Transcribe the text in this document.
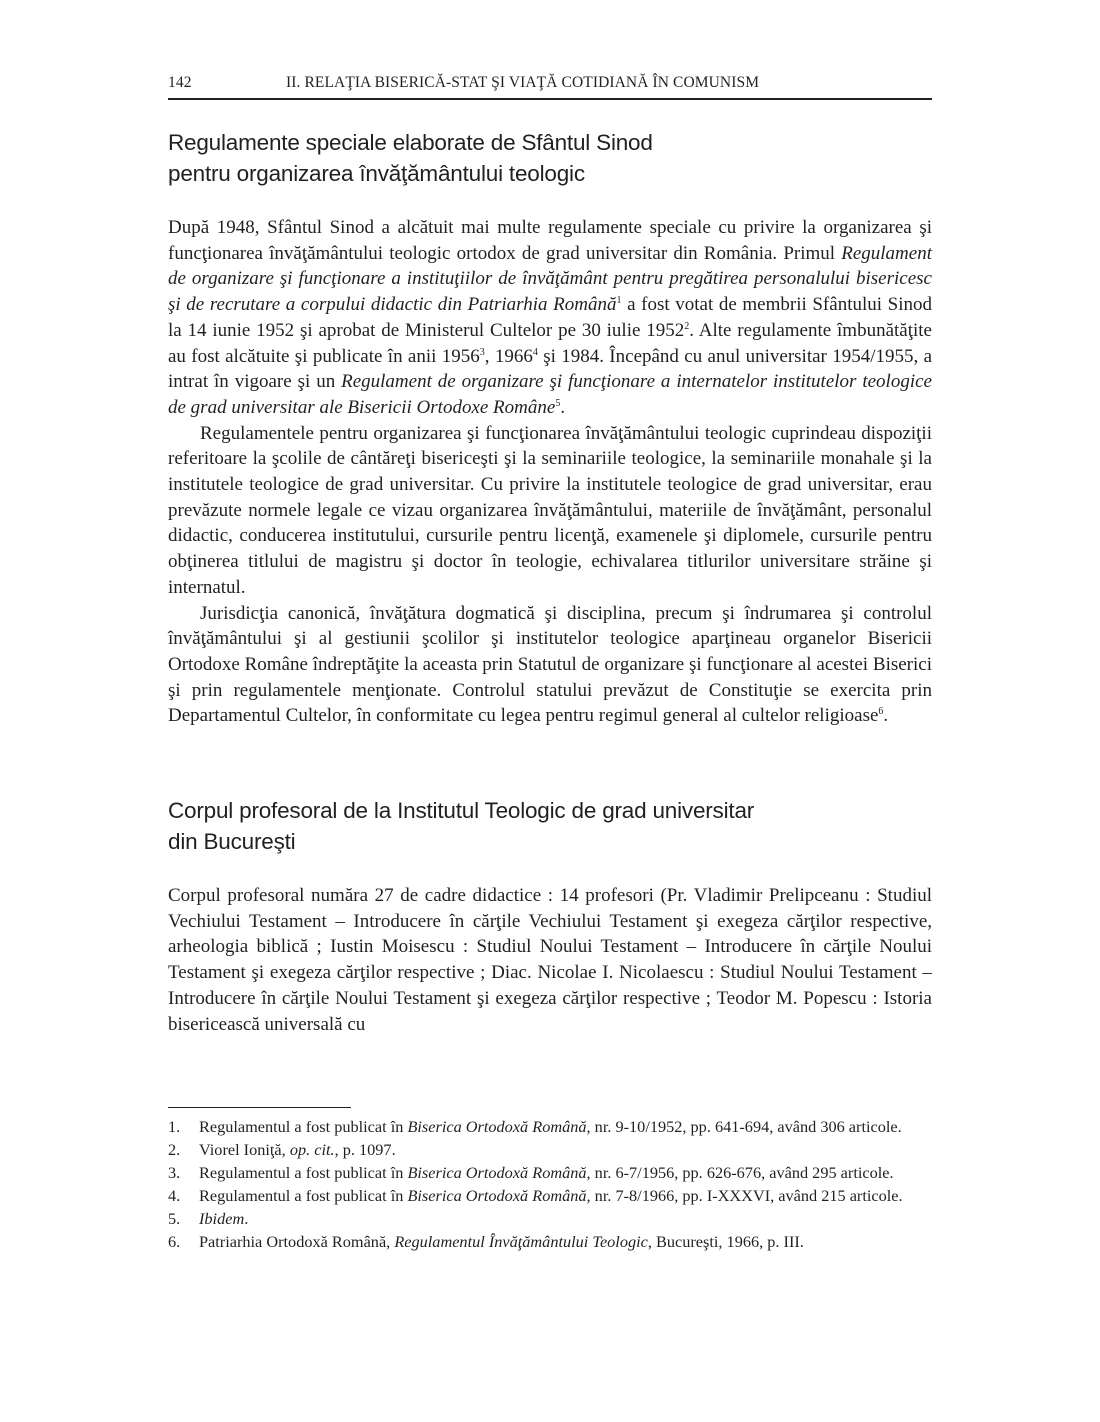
142	II. RELAŢIA BISERICĂ-STAT ŞI VIAŢĂ COTIDIANĂ ÎN COMUNISM
Regulamente speciale elaborate de Sfântul Sinod
pentru organizarea învăţământului teologic

După 1948, Sfântul Sinod a alcătuit mai multe regulamente speciale cu privire la organizarea şi funcţionarea învăţământului teologic ortodox de grad universitar din România. Primul Regulament de organizare şi funcţionare a instituţiilor de învăţământ pentru pregătirea personalului bisericesc şi de recrutare a corpului didactic din Patriarhia Română$^1$ a fost votat de membrii Sfântului Sinod la 14 iunie 1952 şi aprobat de Ministerul Cultelor pe 30 iulie 1952$^2$. Alte regulamente îmbunătăţite au fost alcătuite şi publicate în anii 1956$^3$, 1966$^4$ şi 1984. Începând cu anul universitar 1954/1955, a intrat în vigoare şi un Regulament de organizare şi funcţionare a internatelor institutelor teologice de grad universitar ale Bisericii Ortodoxe Române$^5$.

Regulamentele pentru organizarea şi funcţionarea învăţământului teologic cuprindeau dispoziţii referitoare la şcolile de cântăreţi bisericeşti şi la seminariile teologice, la seminariile monahale şi la institutele teologice de grad universitar. Cu privire la institutele teologice de grad universitar, erau prevăzute normele legale ce vizau organizarea învăţământului, materiile de învăţământ, personalul didactic, conducerea institutului, cursurile pentru licenţă, examenele şi diplomele, cursurile pentru obţinerea titlului de magistru şi doctor în teologie, echivalarea titlurilor universitare străine şi internatul.

Jurisdicţia canonică, învăţătura dogmatică şi disciplina, precum şi îndrumarea şi controlul învăţământului şi al gestiunii şcolilor şi institutelor teologice aparţineau organelor Bisericii Ortodoxe Române îndreptăţite la aceasta prin Statutul de organizare şi funcţionare al acestei Biserici şi prin regulamentele menţionate. Controlul statului prevăzut de Constituţie se exercita prin Departamentul Cultelor, în conformitate cu legea pentru regimul general al cultelor religioase$^6$.

Corpul profesoral de la Institutul Teologic de grad universitar
din Bucureşti

Corpul profesoral număra 27 de cadre didactice : 14 profesori (Pr. Vladimir Prelipceanu : Studiul Vechiului Testament – Introducere în cărţile Vechiului Testament şi exegeza cărţilor respective, arheologia biblică ; Iustin Moisescu : Studiul Noului Testament – Introducere în cărţile Noului Testament şi exegeza cărţilor respective ; Diac. Nicolae I. Nicolaescu : Studiul Noului Testament – Introducere în cărţile Noului Testament şi exegeza cărţilor respective ; Teodor M. Popescu : Istoria bisericească universală cu

1.	Regulamentul a fost publicat în Biserica Ortodoxă Română, nr. 9-10/1952, pp. 641-694, având 306 articole.
2.	Viorel Ioniţă, op. cit., p. 1097.
3.	Regulamentul a fost publicat în Biserica Ortodoxă Română, nr. 6-7/1956, pp. 626-676, având 295 articole.
4.	Regulamentul a fost publicat în Biserica Ortodoxă Română, nr. 7-8/1966, pp. I-XXXVI, având 215 articole.
5.	Ibidem.
6.	Patriarhia Ortodoxă Română, Regulamentul Învăţământului Teologic, Bucureşti, 1966, p. III.
